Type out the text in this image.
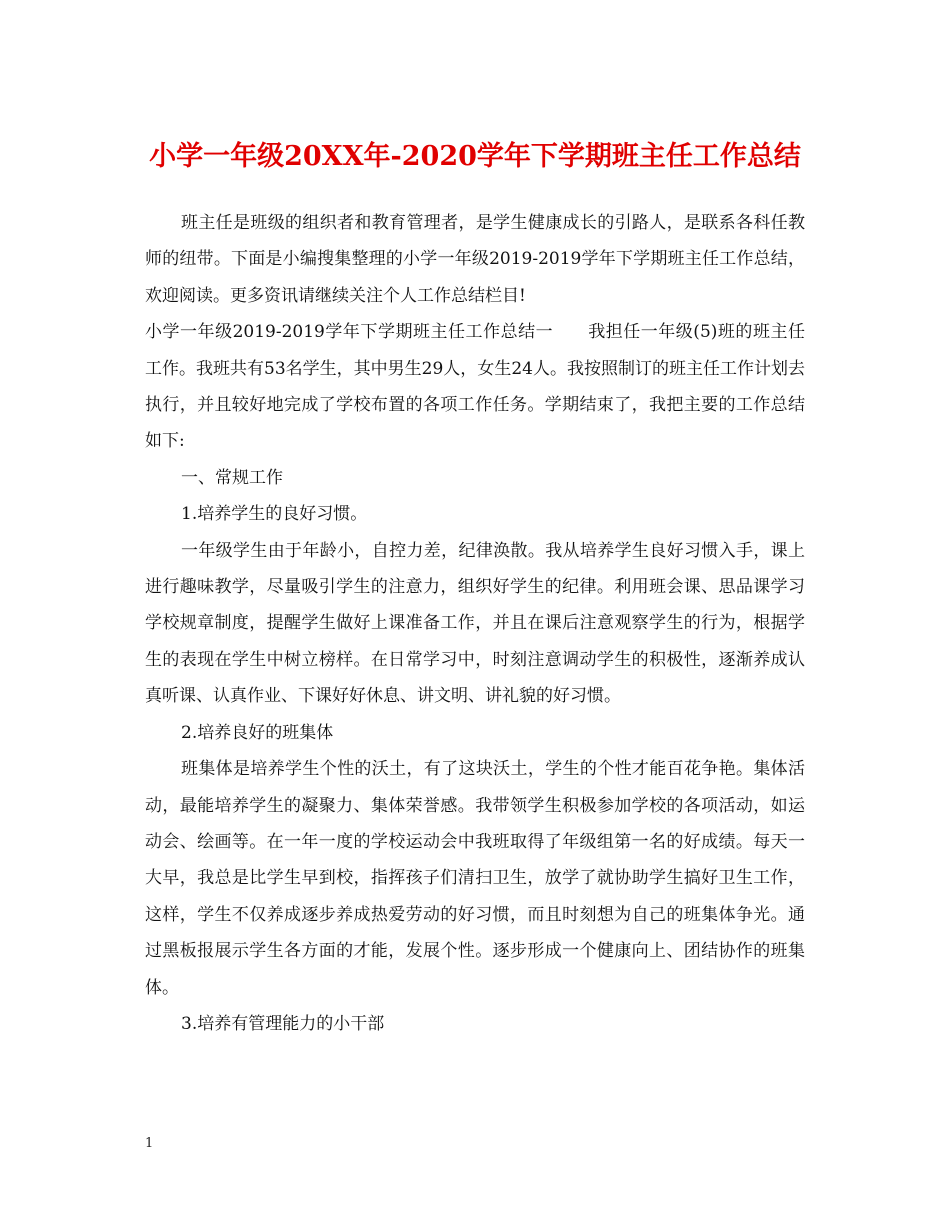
小学一年级20XX年-2020学年下学期班主任工作总结

班主任是班级的组织者和教育管理者，是学生健康成长的引路人，是联系各科任教师的纽带。下面是小编搜集整理的小学一年级2019-2019学年下学期班主任工作总结，欢迎阅读。更多资讯请继续关注个人工作总结栏目!

小学一年级2019-2019学年下学期班主任工作总结一　　我担任一年级(5)班的班主任工作。我班共有53名学生，其中男生29人，女生24人。我按照制订的班主任工作计划去执行，并且较好地完成了学校布置的各项工作任务。学期结束了，我把主要的工作总结如下:

一、常规工作

1.培养学生的良好习惯。

一年级学生由于年龄小，自控力差，纪律涣散。我从培养学生良好习惯入手，课上进行趣味教学，尽量吸引学生的注意力，组织好学生的纪律。利用班会课、思品课学习学校规章制度，提醒学生做好上课准备工作，并且在课后注意观察学生的行为，根据学生的表现在学生中树立榜样。在日常学习中，时刻注意调动学生的积极性，逐渐养成认真听课、认真作业、下课好好休息、讲文明、讲礼貌的好习惯。

2.培养良好的班集体

班集体是培养学生个性的沃土，有了这块沃土，学生的个性才能百花争艳。集体活动，最能培养学生的凝聚力、集体荣誉感。我带领学生积极参加学校的各项活动，如运动会、绘画等。在一年一度的学校运动会中我班取得了年级组第一名的好成绩。每天一大早，我总是比学生早到校，指挥孩子们清扫卫生，放学了就协助学生搞好卫生工作，这样，学生不仅养成逐步养成热爱劳动的好习惯，而且时刻想为自己的班集体争光。通过黑板报展示学生各方面的才能，发展个性。逐步形成一个健康向上、团结协作的班集体。

3.培养有管理能力的小干部

1
